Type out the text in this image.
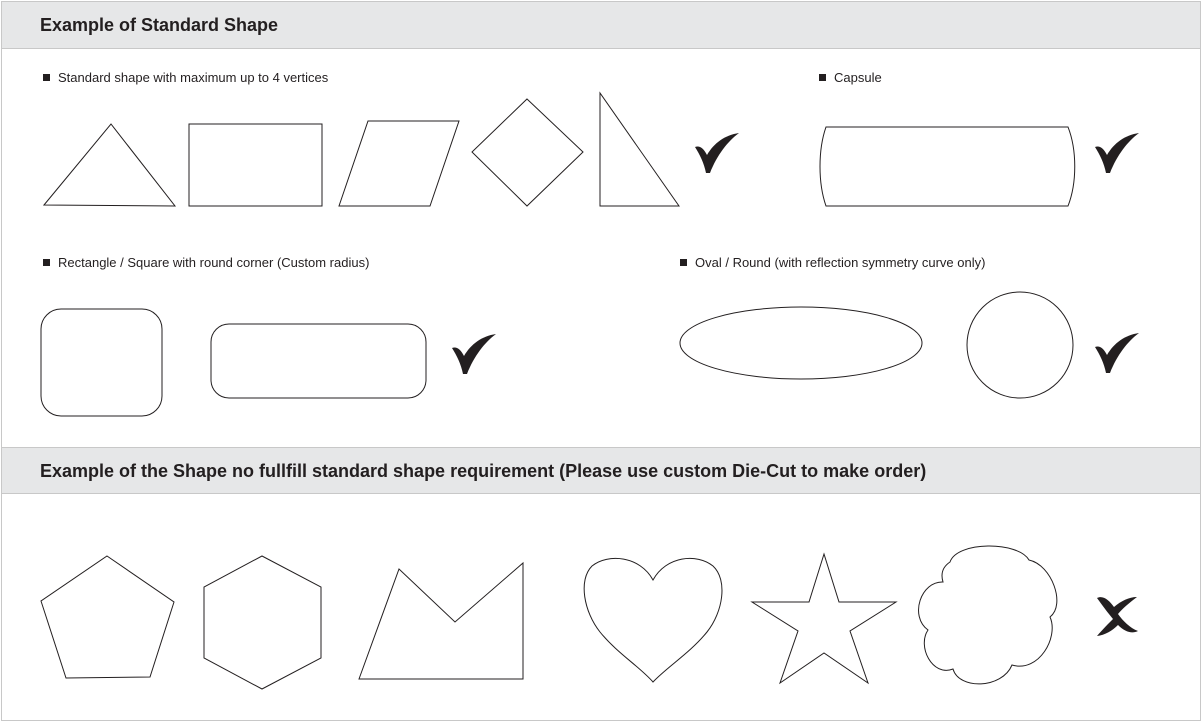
Example of Standard Shape
Example of the Shape no fullfill standard shape requirement (Please use custom Die-Cut to make order)
Standard shape with maximum up to 4 vertices	Capsule
Rectangle / Square with round corner (Custom radius)	Oval / Round (with reflection symmetry curve only)
